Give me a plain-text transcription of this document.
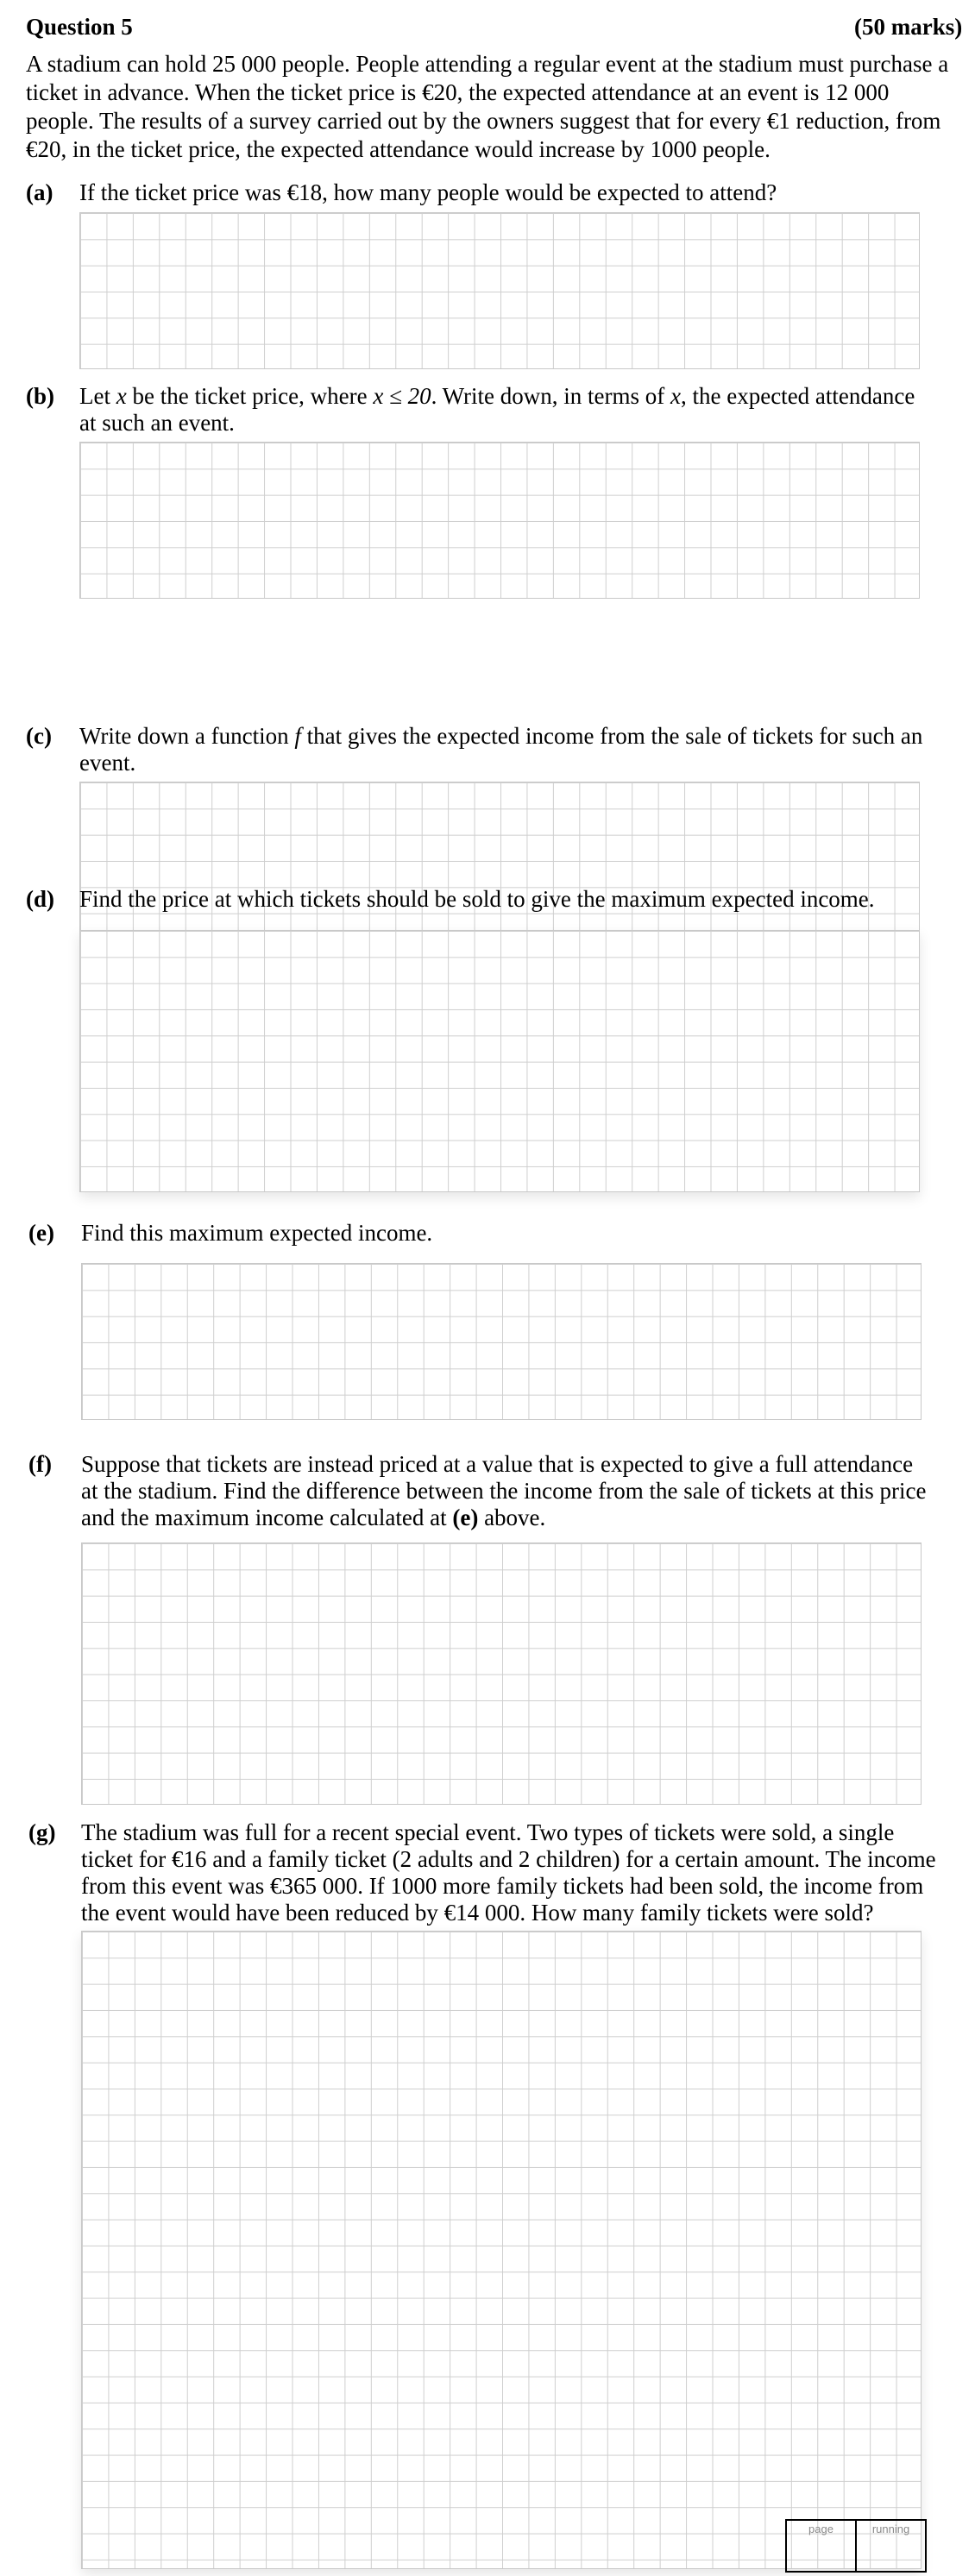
Question 5	(50 marks)
A stadium can hold 25 000 people. People attending a regular event at the stadium must purchase a ticket in advance. When the ticket price is €20, the expected attendance at an event is 12 000 people. The results of a survey carried out by the owners suggest that for every €1 reduction, from €20, in the ticket price, the expected attendance would increase by 1000 people.
(a) If the ticket price was €18, how many people would be expected to attend?
(b) Let x be the ticket price, where x ≤ 20. Write down, in terms of x, the expected attendance at such an event.
(c) Write down a function f that gives the expected income from the sale of tickets for such an event.
(d) Find the price at which tickets should be sold to give the maximum expected income.
(e) Find this maximum expected income.
(f) Suppose that tickets are instead priced at a value that is expected to give a full attendance at the stadium. Find the difference between the income from the sale of tickets at this price and the maximum income calculated at (e) above.
(g) The stadium was full for a recent special event. Two types of tickets were sold, a single ticket for €16 and a family ticket (2 adults and 2 children) for a certain amount. The income from this event was €365 000. If 1000 more family tickets had been sold, the income from the event would have been reduced by €14 000. How many family tickets were sold?
page	running
